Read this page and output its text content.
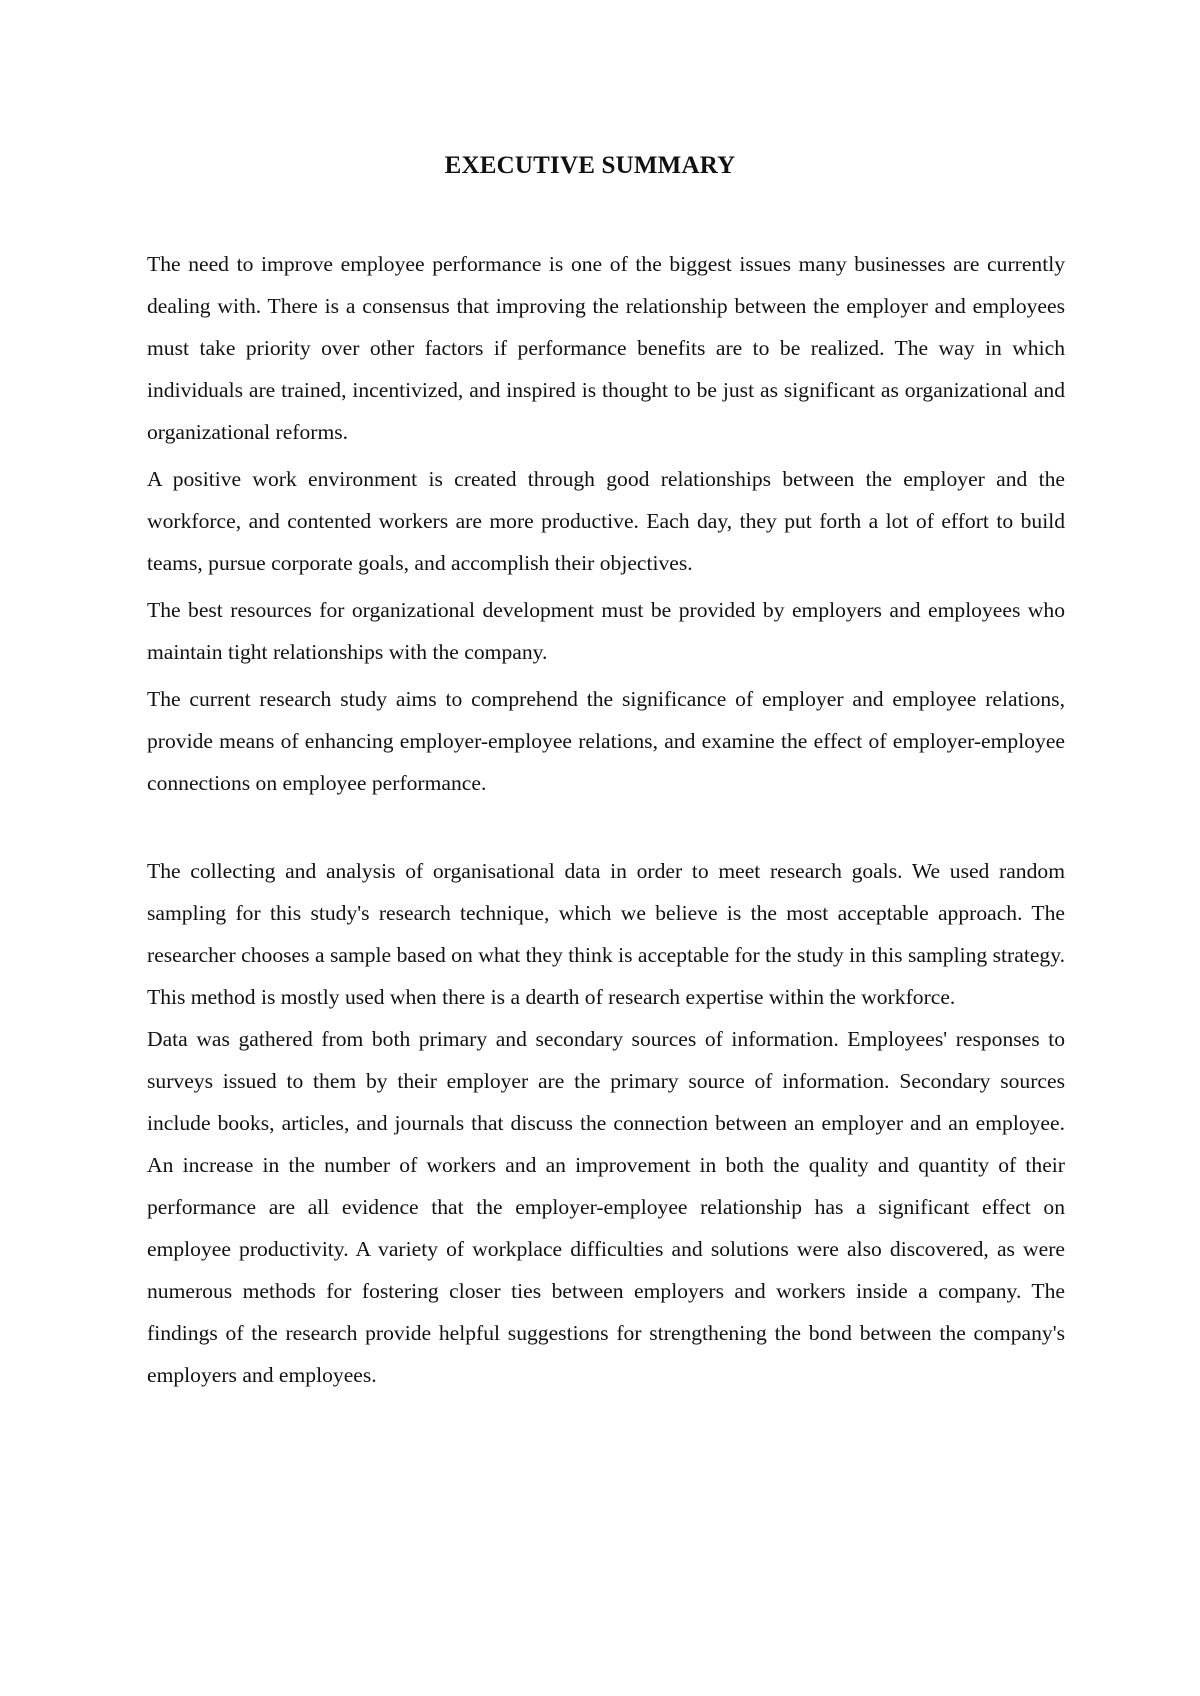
EXECUTIVE SUMMARY

The need to improve employee performance is one of the biggest issues many businesses are currently dealing with. There is a consensus that improving the relationship between the employer and employees must take priority over other factors if performance benefits are to be realized. The way in which individuals are trained, incentivized, and inspired is thought to be just as significant as organizational and organizational reforms.

A positive work environment is created through good relationships between the employer and the workforce, and contented workers are more productive. Each day, they put forth a lot of effort to build teams, pursue corporate goals, and accomplish their objectives.

The best resources for organizational development must be provided by employers and employees who maintain tight relationships with the company.

The current research study aims to comprehend the significance of employer and employee relations, provide means of enhancing employer-employee relations, and examine the effect of employer-employee connections on employee performance.

The collecting and analysis of organisational data in order to meet research goals. We used random sampling for this study's research technique, which we believe is the most acceptable approach. The researcher chooses a sample based on what they think is acceptable for the study in this sampling strategy. This method is mostly used when there is a dearth of research expertise within the workforce.

Data was gathered from both primary and secondary sources of information. Employees' responses to surveys issued to them by their employer are the primary source of information. Secondary sources include books, articles, and journals that discuss the connection between an employer and an employee. An increase in the number of workers and an improvement in both the quality and quantity of their performance are all evidence that the employer-employee relationship has a significant effect on employee productivity. A variety of workplace difficulties and solutions were also discovered, as were numerous methods for fostering closer ties between employers and workers inside a company. The findings of the research provide helpful suggestions for strengthening the bond between the company's employers and employees.
